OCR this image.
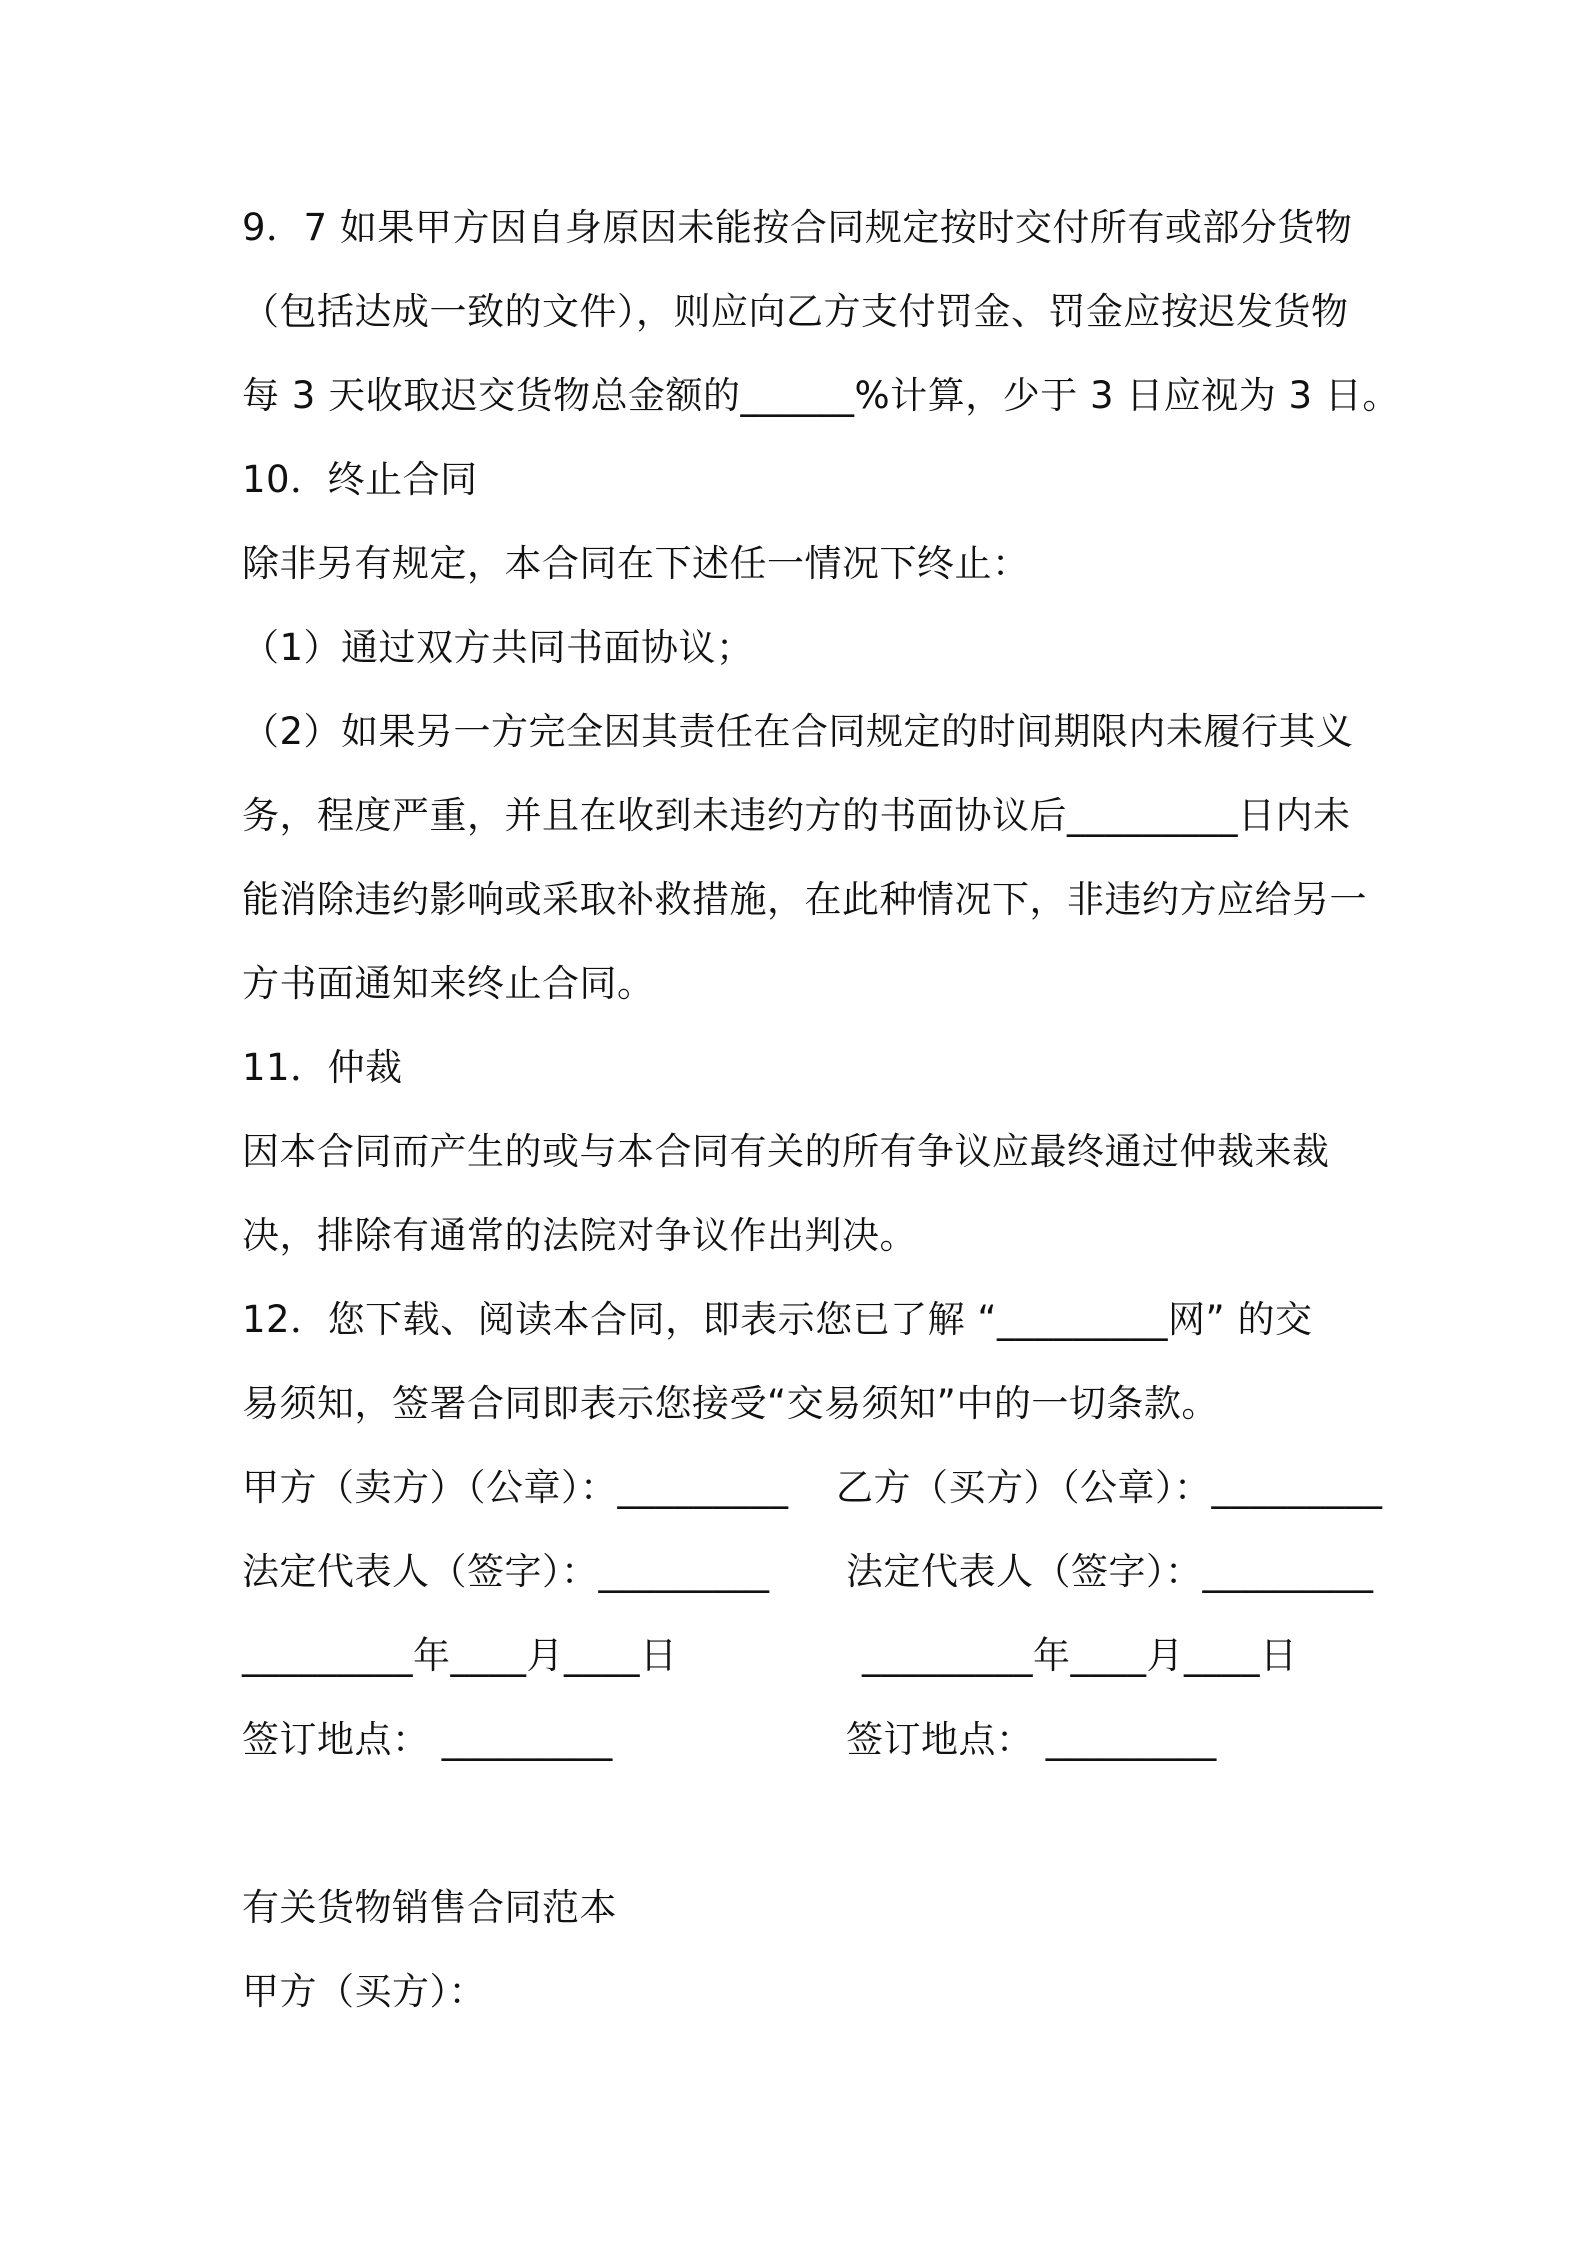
9．7 如果甲方因自身原因未能按合同规定按时交付所有或部分货物
（包括达成一致的文件），则应向乙方支付罚金、罚金应按迟发货物
每 3 天收取迟交货物总金额的______%计算，少于 3 日应视为 3 日。
10．终止合同
除非另有规定，本合同在下述任一情况下终止：
（1）通过双方共同书面协议；
（2）如果另一方完全因其责任在合同规定的时间期限内未履行其义
务，程度严重，并且在收到未违约方的书面协议后_________日内未
能消除违约影响或采取补救措施，在此种情况下，非违约方应给另一
方书面通知来终止合同。
11．仲裁
因本合同而产生的或与本合同有关的所有争议应最终通过仲裁来裁
决，排除有通常的法院对争议作出判决。
12．您下载、阅读本合同，即表示您已了解 “_________网” 的交
易须知，签署合同即表示您接受“交易须知”中的一切条款。
甲方（卖方）（公章）：_________ 乙方（买方）（公章）：_________
法定代表人（签字）：_________ 法定代表人（签字）：_________
_________年____月____日	_________年____月____日
签订地点： _________	签订地点： _________
有关货物销售合同范本
甲方（买方）：
